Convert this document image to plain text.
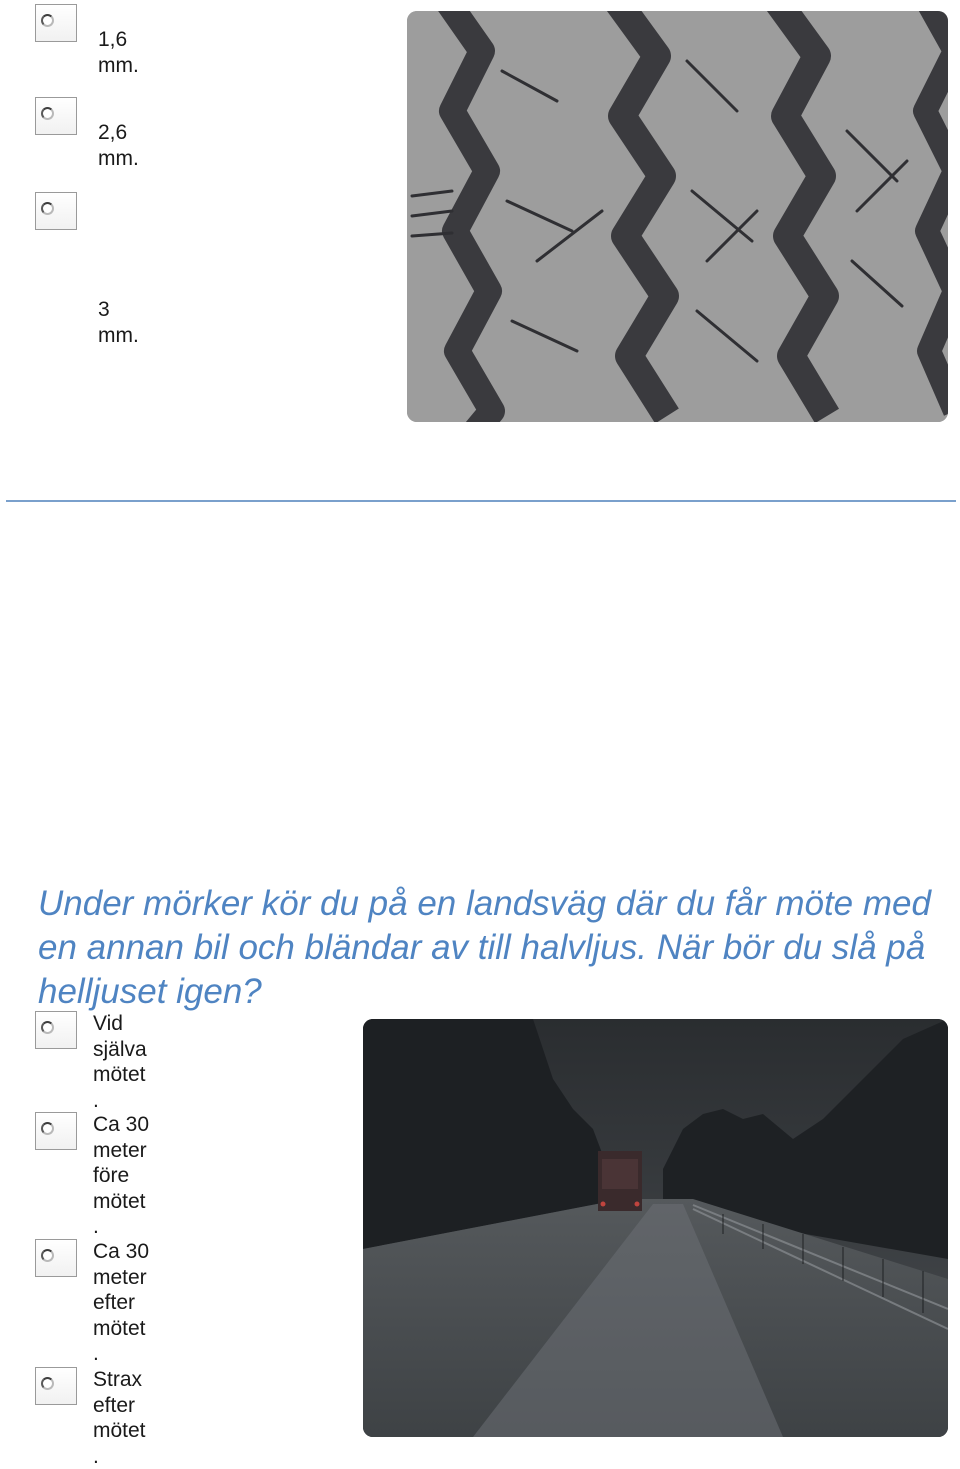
1,6
mm.
2,6
mm.
3
mm.
Under mörker kör du på en landsväg där du får möte med en annan bil och bländar av till halvljus. När bör du slå på helljuset igen?
Vid
själva
mötet
.
Ca 30
meter
före
mötet
.
Ca 30
meter
efter
mötet
.
Strax
efter
mötet
.
